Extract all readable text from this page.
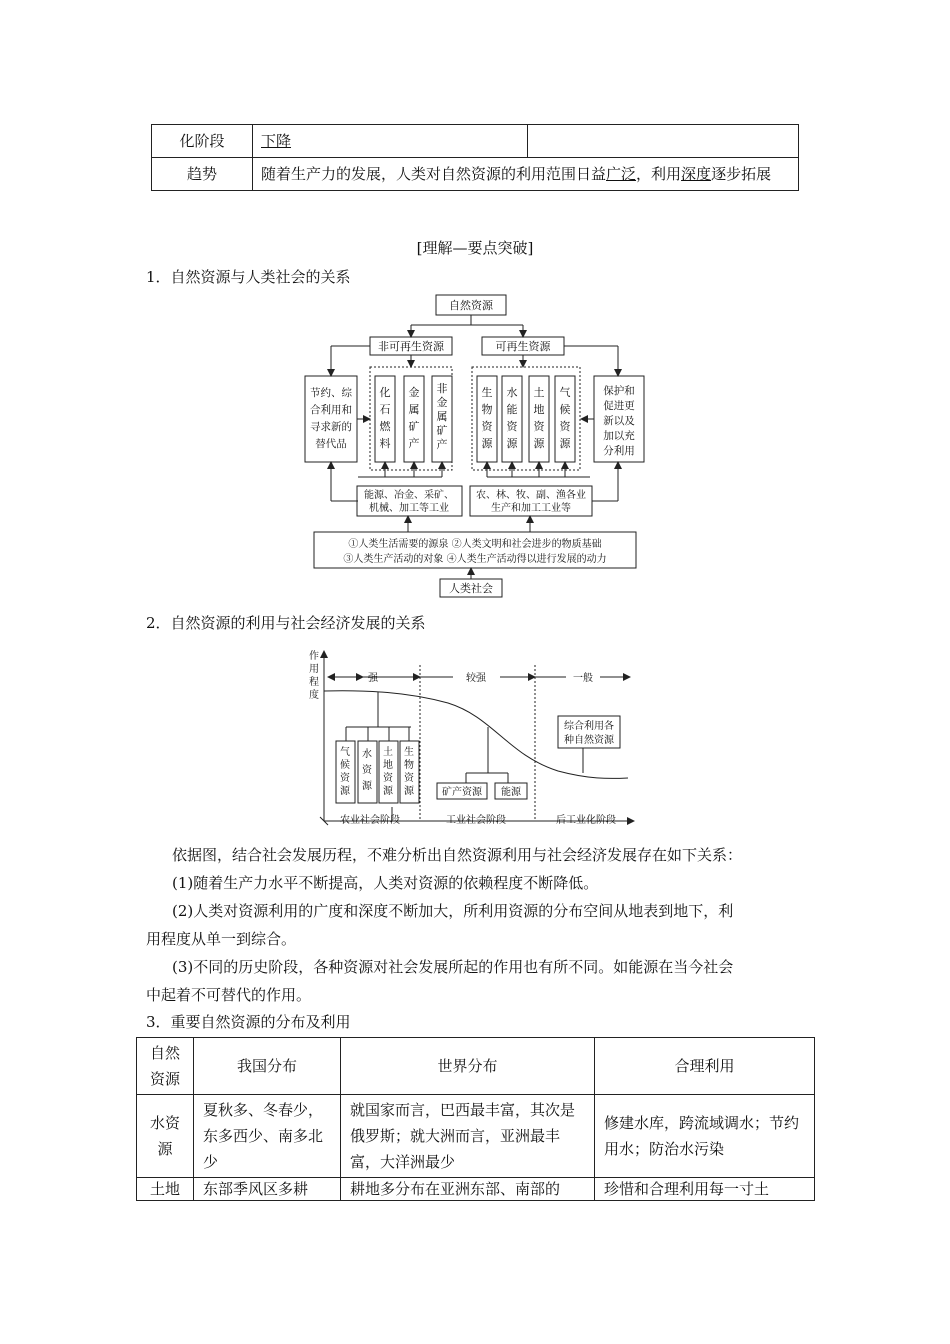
化阶段	下降	
趋势	随着生产力的发展，人类对自然资源的利用范围日益广泛，利用深度逐步拓展	
[理解—要点突破]
1．自然资源与人类社会的关系
自然资源
非可再生资源	可再生资源
节约、综
合利用和
寻求新的
替代品
保护和
促进更
新以及
加以充
分利用
化
石
燃
料
金
属
矿
产
非
金
属
矿
产
生
物
资
源
水
能
资
源
土
地
资
源
气
候
资
源
能源、冶金、采矿、
机械、加工等工业
农、林、牧、副、渔各业
生产和加工工业等
①人类生活需要的源泉 ②人类文明和社会进步的物质基础
③人类生产活动的对象 ④人类生产活动得以进行发展的动力
人类社会
2．自然资源的利用与社会经济发展的关系
作
用
程
度
强	较强	一般
农业社会阶段	工业社会阶段	后工业化阶段
气
候
资
源
水
资
源
土
地
资
源
生
物
资
源	矿产资源 能源
综合利用各
种自然资源
依据图，结合社会发展历程，不难分析出自然资源利用与社会经济发展存在如下关系：
(1)随着生产力水平不断提高，人类对资源的依赖程度不断降低。
(2)人类对资源利用的广度和深度不断加大，所利用资源的分布空间从地表到地下，利
用程度从单一到综合。
(3)不同的历史阶段，各种资源对社会发展所起的作用也有所不同。如能源在当今社会
中起着不可替代的作用。
3．重要自然资源的分布及利用
自然资源	我国分布	世界分布	合理利用
水资源	夏秋多、冬春少，东多西少、南多北少	就国家而言，巴西最丰富，其次是俄罗斯；就大洲而言，亚洲最丰富，大洋洲最少	修建水库，跨流域调水；节约用水；防治水污染
土地	东部季风区多耕	耕地多分布在亚洲东部、南部的	珍惜和合理利用每一寸土
